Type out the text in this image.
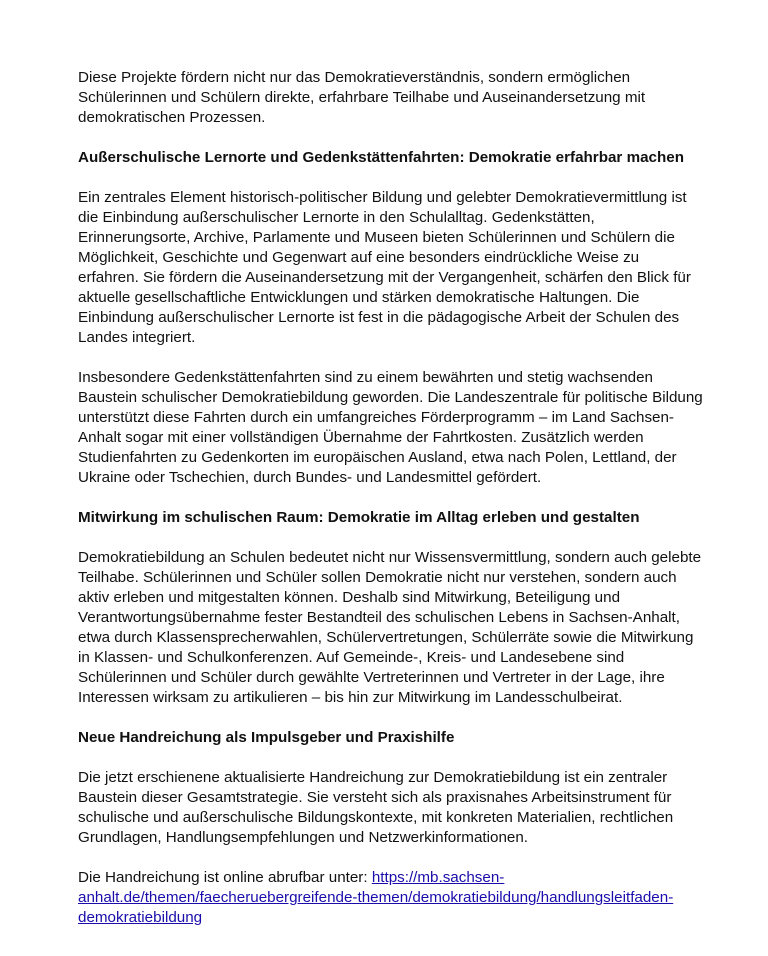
Diese Projekte fördern nicht nur das Demokratieverständnis, sondern ermöglichen
Schülerinnen und Schülern direkte, erfahrbare Teilhabe und Auseinandersetzung mit
demokratischen Prozessen.
Außerschulische Lernorte und Gedenkstättenfahrten: Demokratie erfahrbar machen
Ein zentrales Element historisch-politischer Bildung und gelebter Demokratievermittlung ist
die Einbindung außerschulischer Lernorte in den Schulalltag. Gedenkstätten,
Erinnerungsorte, Archive, Parlamente und Museen bieten Schülerinnen und Schülern die
Möglichkeit, Geschichte und Gegenwart auf eine besonders eindrückliche Weise zu
erfahren. Sie fördern die Auseinandersetzung mit der Vergangenheit, schärfen den Blick für
aktuelle gesellschaftliche Entwicklungen und stärken demokratische Haltungen. Die
Einbindung außerschulischer Lernorte ist fest in die pädagogische Arbeit der Schulen des
Landes integriert.
Insbesondere Gedenkstättenfahrten sind zu einem bewährten und stetig wachsenden
Baustein schulischer Demokratiebildung geworden. Die Landeszentrale für politische Bildung
unterstützt diese Fahrten durch ein umfangreiches Förderprogramm – im Land Sachsen-
Anhalt sogar mit einer vollständigen Übernahme der Fahrtkosten. Zusätzlich werden
Studienfahrten zu Gedenkorten im europäischen Ausland, etwa nach Polen, Lettland, der
Ukraine oder Tschechien, durch Bundes- und Landesmittel gefördert.
Mitwirkung im schulischen Raum: Demokratie im Alltag erleben und gestalten
Demokratiebildung an Schulen bedeutet nicht nur Wissensvermittlung, sondern auch gelebte
Teilhabe. Schülerinnen und Schüler sollen Demokratie nicht nur verstehen, sondern auch
aktiv erleben und mitgestalten können. Deshalb sind Mitwirkung, Beteiligung und
Verantwortungsübernahme fester Bestandteil des schulischen Lebens in Sachsen-Anhalt,
etwa durch Klassensprecherwahlen, Schülervertretungen, Schülerräte sowie die Mitwirkung
in Klassen- und Schulkonferenzen. Auf Gemeinde-, Kreis- und Landesebene sind
Schülerinnen und Schüler durch gewählte Vertreterinnen und Vertreter in der Lage, ihre
Interessen wirksam zu artikulieren – bis hin zur Mitwirkung im Landesschulbeirat.
Neue Handreichung als Impulsgeber und Praxishilfe
Die jetzt erschienene aktualisierte Handreichung zur Demokratiebildung ist ein zentraler
Baustein dieser Gesamtstrategie. Sie versteht sich als praxisnahes Arbeitsinstrument für
schulische und außerschulische Bildungskontexte, mit konkreten Materialien, rechtlichen
Grundlagen, Handlungsempfehlungen und Netzwerkinformationen.
Die Handreichung ist online abrufbar unter: https://mb.sachsen-
anhalt.de/themen/faecheruebergreifende-themen/demokratiebildung/handlungsleitfaden-
demokratiebildung
